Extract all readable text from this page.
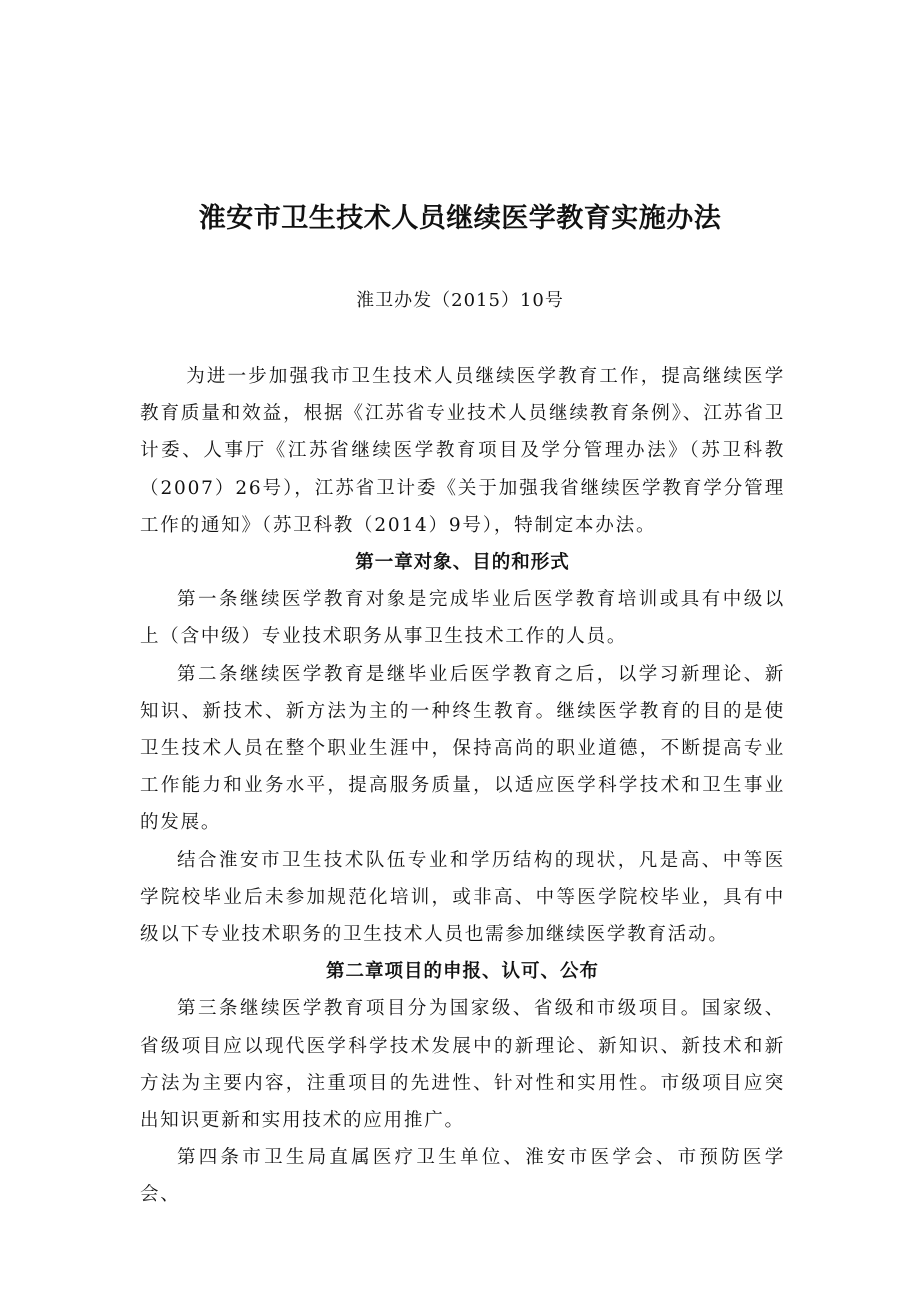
淮安市卫生技术人员继续医学教育实施办法

淮卫办发（2015）10号

为进一步加强我市卫生技术人员继续医学教育工作，提高继续医学教育质量和效益，根据《江苏省专业技术人员继续教育条例》、江苏省卫计委、人事厅《江苏省继续医学教育项目及学分管理办法》（苏卫科教（2007）26号），江苏省卫计委《关于加强我省继续医学教育学分管理工作的通知》（苏卫科教（2014）9号），特制定本办法。

第一章对象、目的和形式

第一条继续医学教育对象是完成毕业后医学教育培训或具有中级以上（含中级）专业技术职务从事卫生技术工作的人员。

第二条继续医学教育是继毕业后医学教育之后，以学习新理论、新知识、新技术、新方法为主的一种终生教育。继续医学教育的目的是使卫生技术人员在整个职业生涯中，保持高尚的职业道德，不断提高专业工作能力和业务水平，提高服务质量，以适应医学科学技术和卫生事业的发展。

结合淮安市卫生技术队伍专业和学历结构的现状，凡是高、中等医学院校毕业后未参加规范化培训，或非高、中等医学院校毕业，具有中级以下专业技术职务的卫生技术人员也需参加继续医学教育活动。

第二章项目的申报、认可、公布

第三条继续医学教育项目分为国家级、省级和市级项目。国家级、省级项目应以现代医学科学技术发展中的新理论、新知识、新技术和新方法为主要内容，注重项目的先进性、针对性和实用性。市级项目应突出知识更新和实用技术的应用推广。

第四条市卫生局直属医疗卫生单位、淮安市医学会、市预防医学会、
